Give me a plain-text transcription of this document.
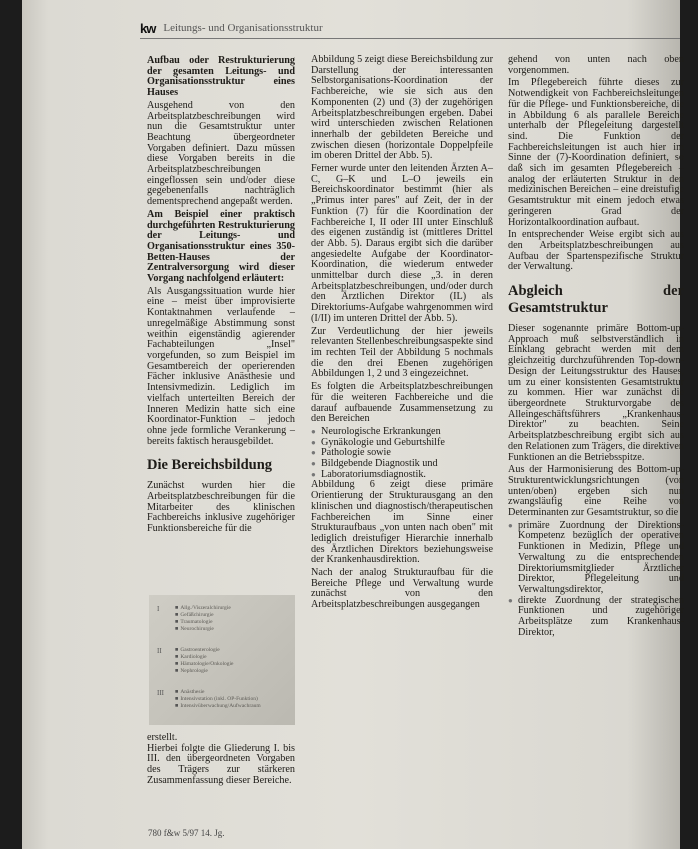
kw Leitungs- und Organisationsstruktur

Aufbau oder Restrukturierung der gesamten Leitungs- und Organisationsstruktur eines Hauses

Ausgehend von den Arbeitsplatzbeschreibungen wird nun die Gesamtstruktur unter Beachtung übergeordneter Vorgaben definiert. Dazu müssen diese Vorgaben bereits in die Arbeitsplatzbeschreibungen eingeflossen sein und/oder diese gegebenenfalls nachträglich dementsprechend angepaßt werden.

Am Beispiel einer praktisch durchgeführten Restrukturierung der Leitungs- und Organisationsstruktur eines 350-Betten-Hauses der Zentralversorgung wird dieser Vorgang nachfolgend erläutert:

Als Ausgangssituation wurde hier eine – meist über improvisierte Kontaktnahmen verlaufende – unregelmäßige Abstimmung sonst weithin eigenständig agierender Fachabteilungen „Insel" vorgefunden, so zum Beispiel im Gesamtbereich der operierenden Fächer inklusive Anästhesie und Intensivmedizin. Lediglich im vielfach unterteilten Bereich der Inneren Medizin hatte sich eine Koordinator-Funktion – jedoch ohne jede formliche Verankerung – bereits faktisch herausgebildet.

Die Bereichsbildung

Zunächst wurden hier die Arbeitsplatzbeschreibungen für die Mitarbeiter des klinischen Fachbereichs inklusive zugehöriger Funktionsbereiche für die

I	■ Allg./Viszeralchirurgie
■ Gefäßchirurgie
■ Traumatologie
■ Neurochirurgie
II	■ Gastroenterologie
■ Kardiologie
■ Hämatologie/Onkologie
■ Nephrologie
III	■ Anästhesie
■ Intensivstation (inkl. OP-Funktion)
■ Intensivüberwachung/Aufwachraum

erstellt.

Hierbei folgte die Gliederung I. bis III. den übergeordneten Vorgaben des Trägers zur stärkeren Zusammenfassung dieser Bereiche.

Abbildung 5 zeigt diese Bereichsbildung zur Darstellung der interessanten Selbstorganisations-Koordination der Fachbereiche, wie sie sich aus den Komponenten (2) und (3) der zugehörigen Arbeitsplatzbeschreibungen ergeben. Dabei wird unterschieden zwischen Relationen innerhalb der gebildeten Bereiche und zwischen diesen (horizontale Doppelpfeile im oberen Drittel der Abb. 5).

Ferner wurde unter den leitenden Ärzten A–C, G–K und L–O jeweils ein Bereichskoordinator bestimmt (hier als „Primus inter pares" auf Zeit, der in der Funktion (7) für die Koordination der Fachbereiche I, II oder III unter Einschluß des eigenen zuständig ist (mittleres Drittel der Abb. 5). Daraus ergibt sich die darüber angesiedelte Aufgabe der Koordinator-Koordination, die wiederum entweder unmittelbar durch diese „3. in deren Arbeitsplatzbeschreibungen, und/oder durch den Ärztlichen Direktor (IL) als Direktoriums-Aufgabe wahrgenommen wird (I/II) im unteren Drittel der Abb. 5).

Zur Verdeutlichung der hier jeweils relevanten Stellenbeschreibungsaspekte sind im rechten Teil der Abbildung 5 nochmals die den drei Ebenen zugehörigen Abbildungen 1, 2 und 3 eingezeichnet.

Es folgten die Arbeitsplatzbeschreibungen für die weiteren Fachbereiche und die darauf aufbauende Zusammensetzung zu den Bereichen

● Neurologische Erkrankungen
● Gynäkologie und Geburtshilfe
● Pathologie sowie
● Bildgebende Diagnostik und
● Laboratoriumsdiagnostik.

Abbildung 6 zeigt diese primäre Orientierung der Strukturausgang an den klinischen und diagnostisch/therapeutischen Fachbereichen im Sinne einer Strukturaufbaus „von unten nach oben" mit lediglich dreistufiger Hierarchie innerhalb des Ärztlichen Direktors beziehungsweise der Krankenhausdirektion.

Nach der analog Strukturaufbau für die Bereiche Pflege und Verwaltung wurde zunächst von den Arbeitsplatzbeschreibungen ausgegangen

gehend von unten nach oben vorgenommen.

Im Pflegebereich führte dieses zur Notwendigkeit von Fachbereichsleitungen für die Pflege- und Funktionsbereiche, die in Abbildung 6 als parallele Bereiche unterhalb der Pflegeleitung dargestellt sind. Die Funktion der Fachbereichsleitungen ist auch hier im Sinne der (7)-Koordination definiert, so daß sich im gesamten Pflegebereich – analog der erläuterten Struktur in den medizinischen Bereichen – eine dreistufige Gesamtstruktur mit einem jedoch etwas geringeren Grad der Horizontalkoordination aufbaut.

In entsprechender Weise ergibt sich aus den Arbeitsplatzbeschreibungen aus Aufbau der Spartenspezifische Struktur der Verwaltung.

Abgleich der Gesamtstruktur

Dieser sogenannte primäre Bottom-up-Approach muß selbstverständlich in Einklang gebracht werden mit dem gleichzeitig durchzuführenden Top-down-Design der Leitungsstruktur des Hauses, um zu einer konsistenten Gesamtstruktur zu kommen. Hier war zunächst die übergeordnete Strukturvorgabe des Alleingeschäftsführers „Krankenhaus-Direktor" zu beachten. Seine Arbeitsplatzbeschreibung ergibt sich aus den Relationen zum Trägers, die direktiven Funktionen an die Betriebsspitze.

Aus der Harmonisierung des Bottom-up-Strukturentwicklungsrichtungen (von unten/oben) ergeben sich nun zwangsläufig eine Reihe von Determinanten zur Gesamtstruktur, so die

● primäre Zuordnung der Direktions-Kompetenz bezüglich der operativen Funktionen in Medizin, Pflege und Verwaltung zu die entsprechenden Direktoriumsmitglieder Ärztlicher Direktor, Pflegeleitung und Verwaltungsdirektor,
● direkte Zuordnung der strategischen Funktionen und zugehöriger Arbeitsplätze zum Krankenhaus-Direktor,
780 f&w 5/97 14. Jg.
